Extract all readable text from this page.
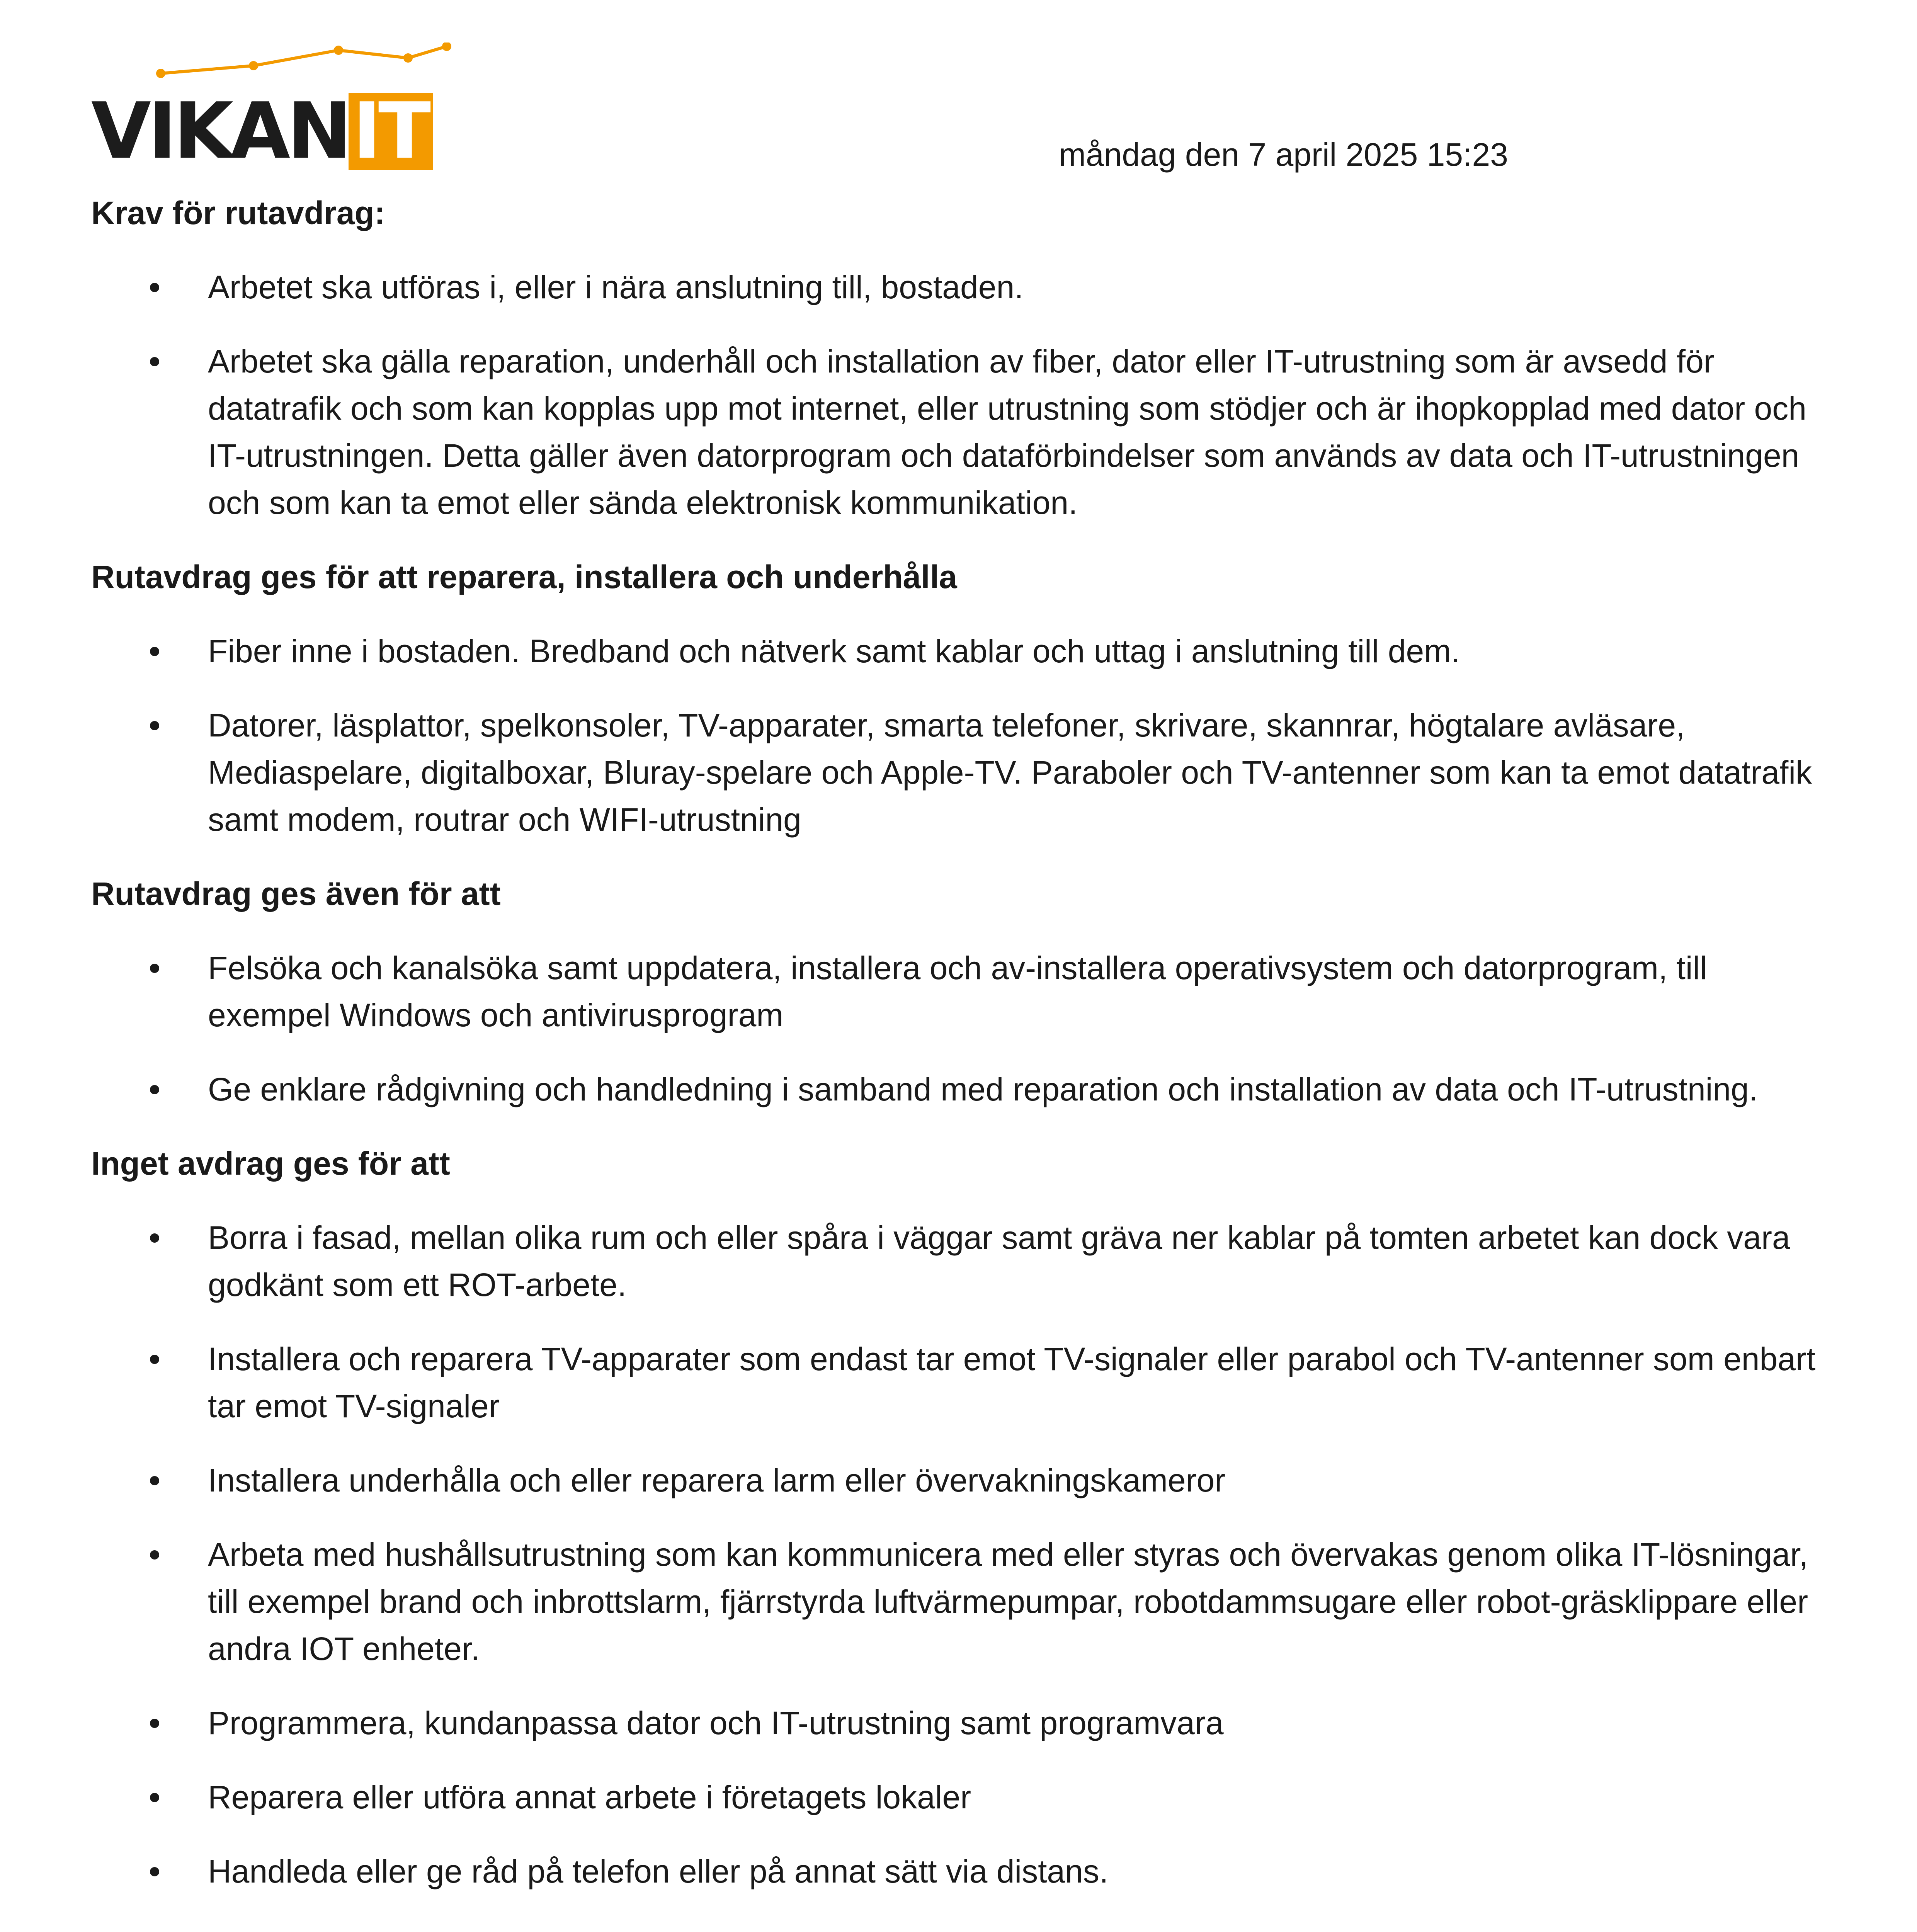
VIKANIT	måndag den 7 april 2025 15:23

Krav för rutavdrag:

Arbetet ska utföras i, eller i nära anslutning till, bostaden.
Arbetet ska gälla reparation, underhåll och installation av fiber, dator eller IT-utrustning som är avsedd för datatrafik och som kan kopplas upp mot internet, eller utrustning som stödjer och är ihopkopplad med dator och IT-utrustningen. Detta gäller även datorprogram och dataförbindelser som används av data och IT-utrustningen och som kan ta emot eller sända elektronisk kommunikation.

Rutavdrag ges för att reparera, installera och underhålla

Fiber inne i bostaden. Bredband och nätverk samt kablar och uttag i anslutning till dem.
Datorer, läsplattor, spelkonsoler, TV-apparater, smarta telefoner, skrivare, skannrar, högtalare avläsare, Mediaspelare, digitalboxar, Bluray-spelare och Apple-TV. Paraboler och TV-antenner som kan ta emot datatrafik samt modem, routrar och WIFI-utrustning

Rutavdrag ges även för att

Felsöka och kanalsöka samt uppdatera, installera och av-installera operativsystem och datorprogram, till exempel Windows och antivirusprogram
Ge enklare rådgivning och handledning i samband med reparation och installation av data och IT-utrustning.

Inget avdrag ges för att

Borra i fasad, mellan olika rum och eller spåra i väggar samt gräva ner kablar på tomten arbetet kan dock vara godkänt som ett ROT-arbete.
Installera och reparera TV-apparater som endast tar emot TV-signaler eller parabol och TV-antenner som enbart tar emot TV-signaler
Installera underhålla och eller reparera larm eller övervakningskameror
Arbeta med hushållsutrustning som kan kommunicera med eller styras och övervakas genom olika IT-lösningar, till exempel brand och inbrottslarm, fjärrstyrda luftvärmepumpar, robotdammsugare eller robot-gräsklippare eller andra IOT enheter.
Programmera, kundanpassa dator och IT-utrustning samt programvara
Reparera eller utföra annat arbete i företagets lokaler
Handleda eller ge råd på telefon eller på annat sätt via distans.
